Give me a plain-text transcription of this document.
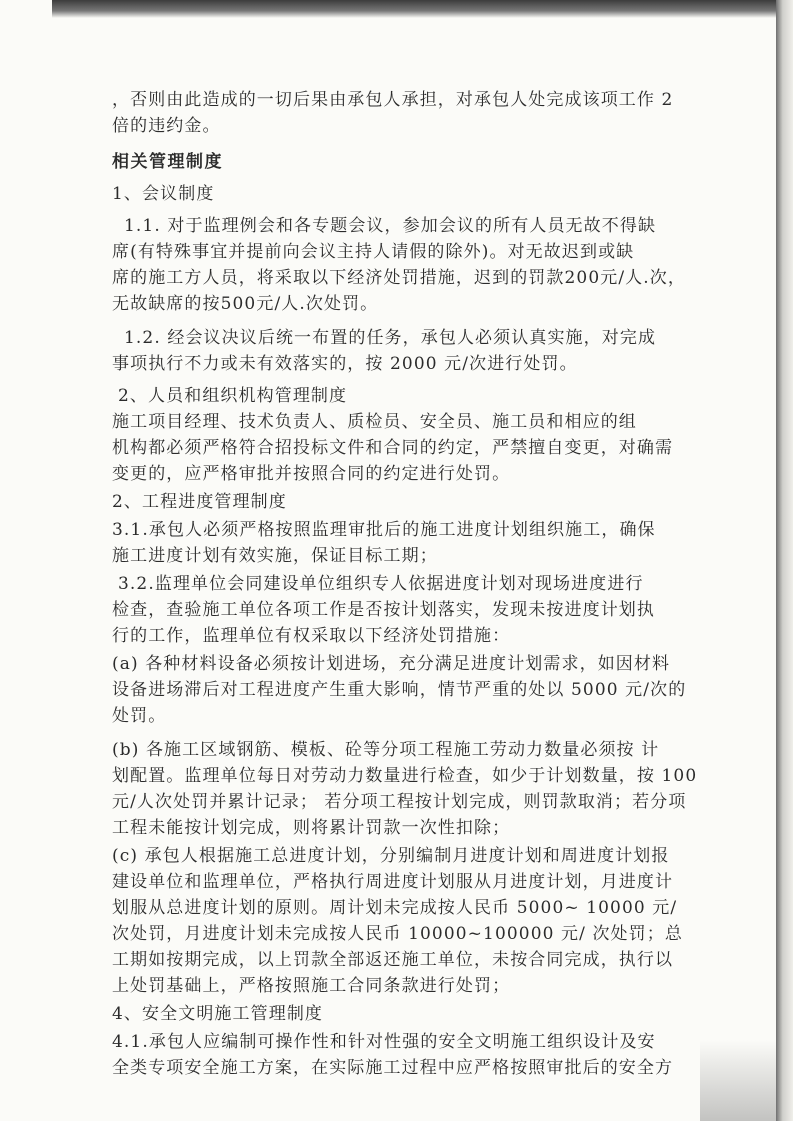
，否则由此造成的一切后果由承包人承担，对承包人处完成该项工作 2
倍的违约金。
相关管理制度
1、会议制度
1.1. 对于监理例会和各专题会议，参加会议的所有人员无故不得缺
席(有特殊事宜并提前向会议主持人请假的除外)。对无故迟到或缺
席的施工方人员，将采取以下经济处罚措施，迟到的罚款200元/人.次，
无故缺席的按500元/人.次处罚。
1.2. 经会议决议后统一布置的任务，承包人必须认真实施，对完成
事项执行不力或未有效落实的，按 2000 元/次进行处罚。
2、人员和组织机构管理制度
施工项目经理、技术负责人、质检员、安全员、施工员和相应的组
机构都必须严格符合招投标文件和合同的约定，严禁擅自变更，对确需
变更的，应严格审批并按照合同的约定进行处罚。
2、工程进度管理制度
3.1.承包人必须严格按照监理审批后的施工进度计划组织施工，确保
施工进度计划有效实施，保证目标工期；
3.2.监理单位会同建设单位组织专人依据进度计划对现场进度进行
检查，查验施工单位各项工作是否按计划落实，发现未按进度计划执
行的工作，监理单位有权采取以下经济处罚措施：
(a) 各种材料设备必须按计划进场，充分满足进度计划需求，如因材料
设备进场滞后对工程进度产生重大影响，情节严重的处以 5000 元/次的
处罚。
(b) 各施工区域钢筋、模板、砼等分项工程施工劳动力数量必须按 计
划配置。监理单位每日对劳动力数量进行检查，如少于计划数量，按 100
元/人次处罚并累计记录； 若分项工程按计划完成，则罚款取消；若分项
工程未能按计划完成，则将累计罚款一次性扣除；
(c) 承包人根据施工总进度计划，分别编制月进度计划和周进度计划报
建设单位和监理单位，严格执行周进度计划服从月进度计划，月进度计
划服从总进度计划的原则。周计划未完成按人民币 5000~ 10000 元/
次处罚，月进度计划未完成按人民币 10000~100000 元/ 次处罚；总
工期如按期完成，以上罚款全部返还施工单位，未按合同完成，执行以
上处罚基础上，严格按照施工合同条款进行处罚；
4、安全文明施工管理制度
4.1.承包人应编制可操作性和针对性强的安全文明施工组织设计及安
全类专项安全施工方案，在实际施工过程中应严格按照审批后的安全方
